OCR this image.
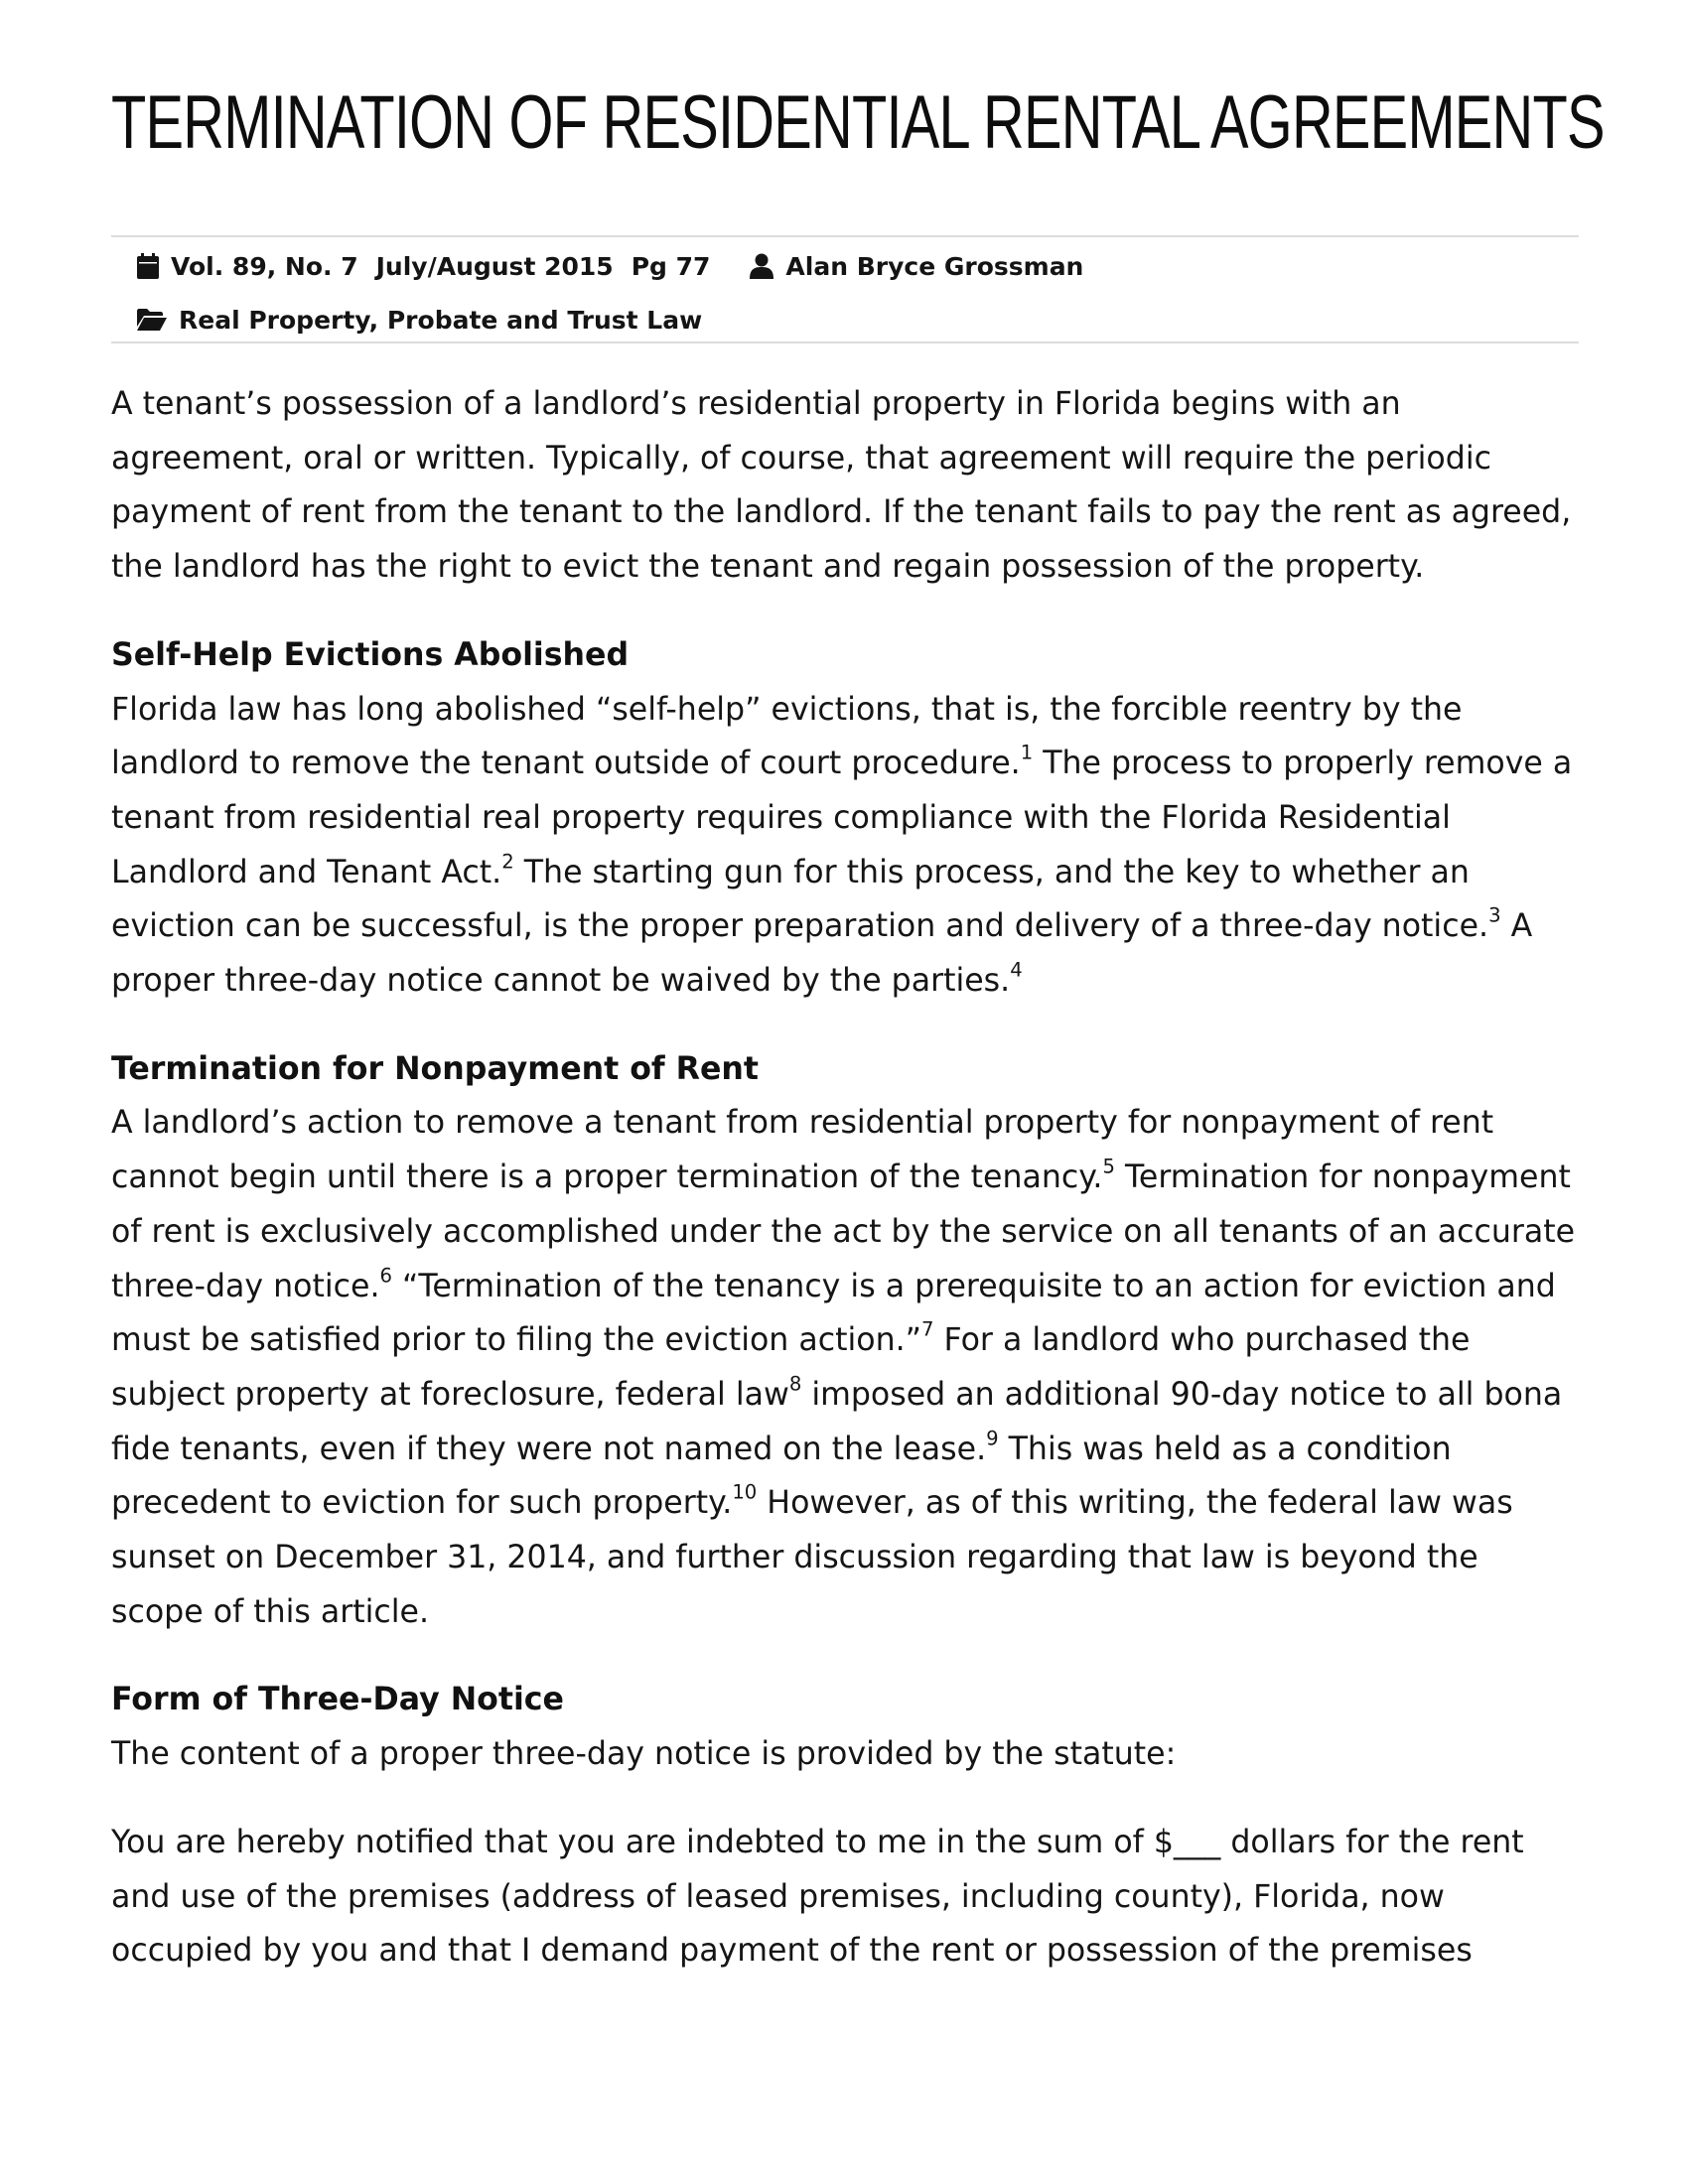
TERMINATION OF RESIDENTIAL RENTAL AGREEMENTS
Vol. 89, No. 7 July/August 2015 Pg 77	Alan Bryce Grossman
Real Property, Probate and Trust Law

A tenant’s possession of a landlord’s residential property in Florida begins with an agreement, oral or written. Typically, of course, that agreement will require the periodic payment of rent from the tenant to the landlord. If the tenant fails to pay the rent as agreed, the landlord has the right to evict the tenant and regain possession of the property.

Self-Help Evictions Abolished

Florida law has long abolished “self-help” evictions, that is, the forcible reentry by the landlord to remove the tenant outside of court procedure.$^1$ The process to properly remove a tenant from residential real property requires compliance with the Florida Residential Landlord and Tenant Act.$^2$ The starting gun for this process, and the key to whether an eviction can be successful, is the proper preparation and delivery of a three-day notice.$^3$ A proper three-day notice cannot be waived by the parties.$^4$

Termination for Nonpayment of Rent

A landlord’s action to remove a tenant from residential property for nonpayment of rent cannot begin until there is a proper termination of the tenancy.$^5$ Termination for nonpayment of rent is exclusively accomplished under the act by the service on all tenants of an accurate three-day notice.$^6$ “Termination of the tenancy is a prerequisite to an action for eviction and must be satisfied prior to filing the eviction action.”$^7$ For a landlord who purchased the subject property at foreclosure, federal law$^8$ imposed an additional 90-day notice to all bona fide tenants, even if they were not named on the lease.$^9$ This was held as a condition precedent to eviction for such property.$^{10}$ However, as of this writing, the federal law was sunset on December 31, 2014, and further discussion regarding that law is beyond the scope of this article.

Form of Three-Day Notice

The content of a proper three-day notice is provided by the statute:

You are hereby notified that you are indebted to me in the sum of $___ dollars for the rent and use of the premises (address of leased premises, including county), Florida, now occupied by you and that I demand payment of the rent or possession of the premises
